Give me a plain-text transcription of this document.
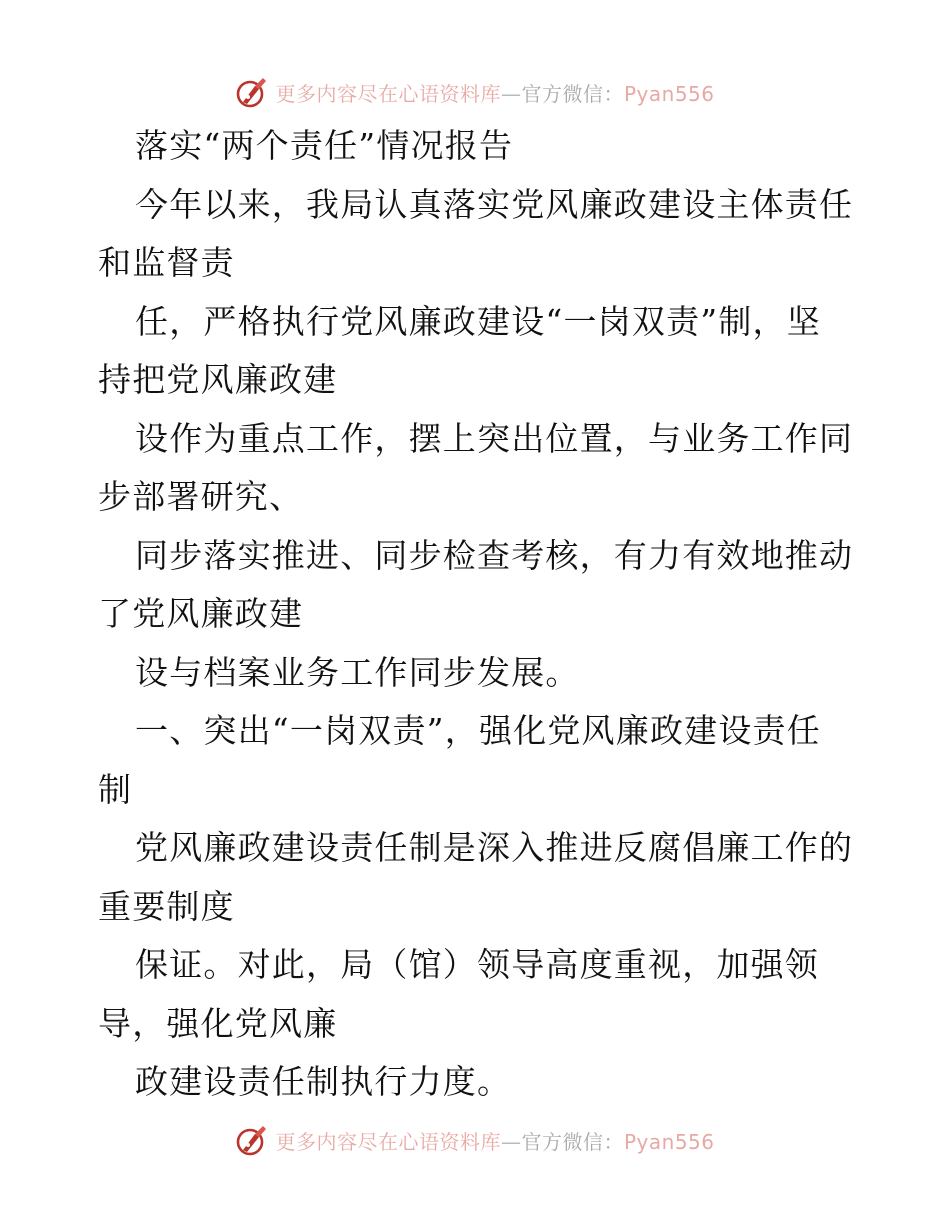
更多内容尽在心语资料库—官方微信：Pyan556
落实“两个责任”情况报告
今年以来，我局认真落实党风廉政建设主体责任
和监督责
任，严格执行党风廉政建设“一岗双责”制，坚
持把党风廉政建
设作为重点工作，摆上突出位置，与业务工作同
步部署研究、
同步落实推进、同步检查考核，有力有效地推动
了党风廉政建
设与档案业务工作同步发展。
一、突出“一岗双责”，强化党风廉政建设责任
制
党风廉政建设责任制是深入推进反腐倡廉工作的
重要制度
保证。对此，局（馆）领导高度重视，加强领
导，强化党风廉
政建设责任制执行力度。
更多内容尽在心语资料库—官方微信：Pyan556
